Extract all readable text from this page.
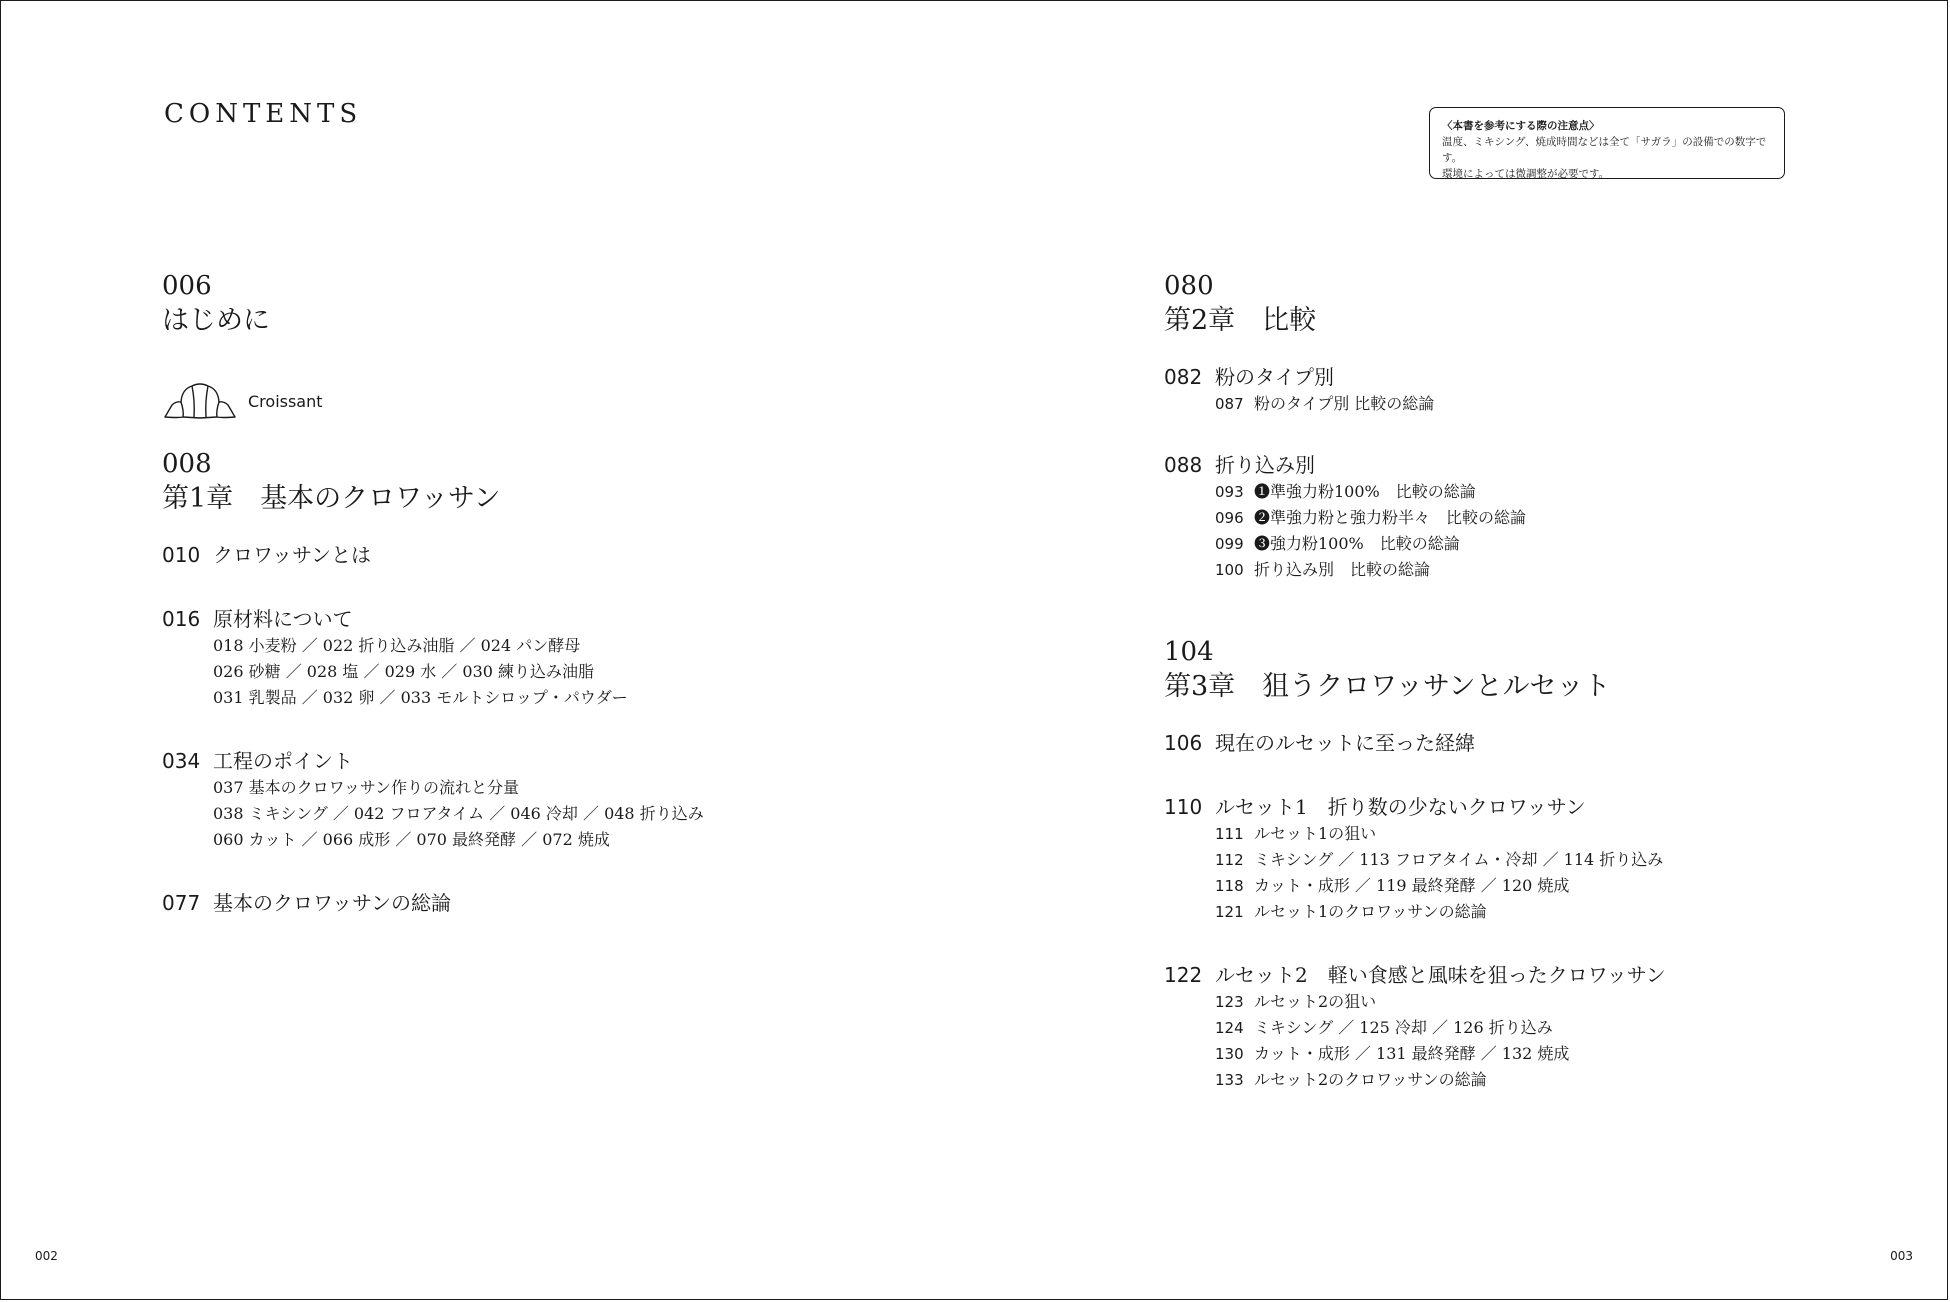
CONTENTS	〈本書を参考にする際の注意点〉
温度、ミキシング、焼成時間などは全て「サガラ」の設備での数字です。
環境によっては微調整が必要です。
006
はじめに
Croissant
008
第1章　基本のクロワッサン
010 クロワッサンとは
016 原材料について
018 小麦粉 ／ 022 折り込み油脂 ／ 024 パン酵母
026 砂糖 ／ 028 塩 ／ 029 水 ／ 030 練り込み油脂
031 乳製品 ／ 032 卵 ／ 033 モルトシロップ・パウダー
034 工程のポイント
037 基本のクロワッサン作りの流れと分量
038 ミキシング ／ 042 フロアタイム ／ 046 冷却 ／ 048 折り込み
060 カット ／ 066 成形 ／ 070 最終発酵 ／ 072 焼成
077 基本のクロワッサンの総論
080
第2章　比較
082 粉のタイプ別
087 粉のタイプ別 比較の総論
088 折り込み別
093 ❶準強力粉100%　比較の総論
096 ❷準強力粉と強力粉半々　比較の総論
099 ❸強力粉100%　比較の総論
100 折り込み別　比較の総論
104
第3章　狙うクロワッサンとルセット
106 現在のルセットに至った経緯
110 ルセット1　折り数の少ないクロワッサン
111 ルセット1の狙い
112 ミキシング ／ 113 フロアタイム・冷却 ／ 114 折り込み
118 カット・成形 ／ 119 最終発酵 ／ 120 焼成
121 ルセット1のクロワッサンの総論
122 ルセット2　軽い食感と風味を狙ったクロワッサン
123 ルセット2の狙い
124 ミキシング ／ 125 冷却 ／ 126 折り込み
130 カット・成形 ／ 131 最終発酵 ／ 132 焼成
133 ルセット2のクロワッサンの総論
002	003
